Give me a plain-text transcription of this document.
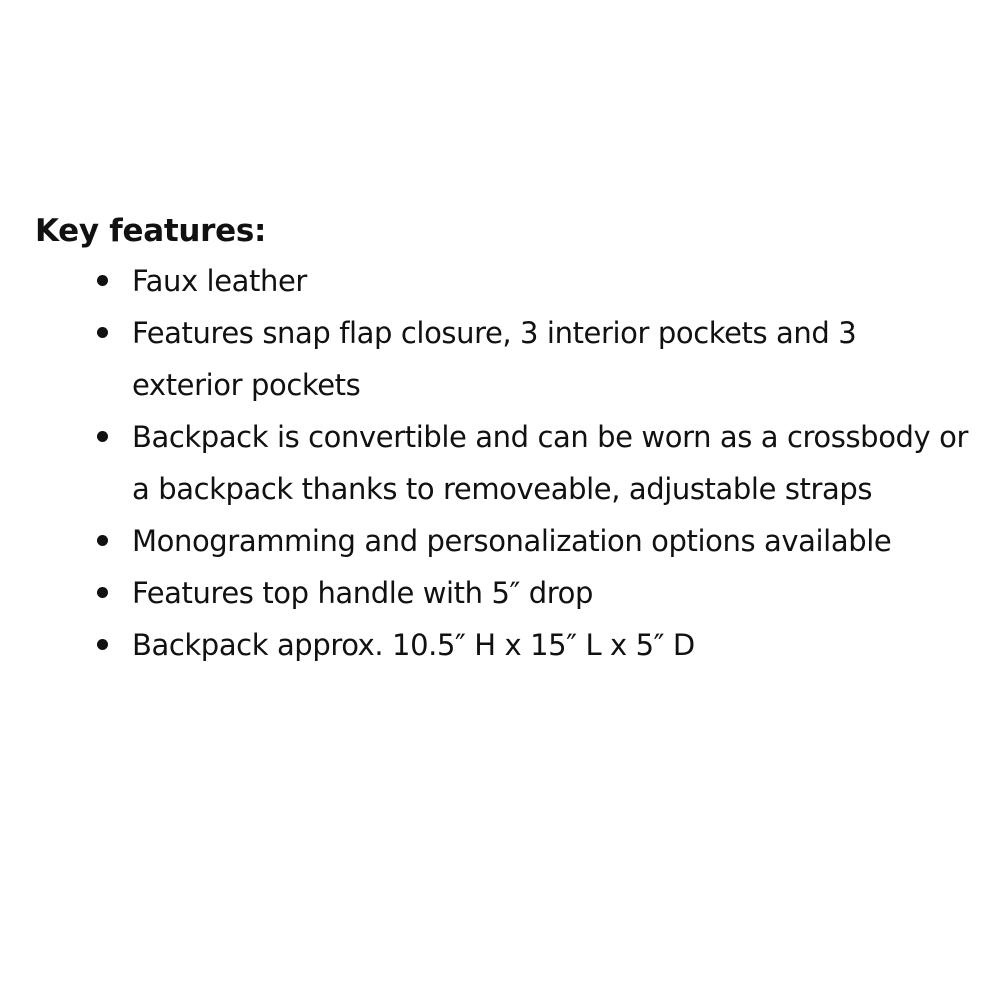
Key features:
Faux leather
Features snap flap closure, 3 interior pockets and 3 exterior pockets
Backpack is convertible and can be worn as a crossbody or a backpack thanks to removeable, adjustable straps
Monogramming and personalization options available
Features top handle with 5″ drop
Backpack approx. 10.5″ H x 15″ L x 5″ D
